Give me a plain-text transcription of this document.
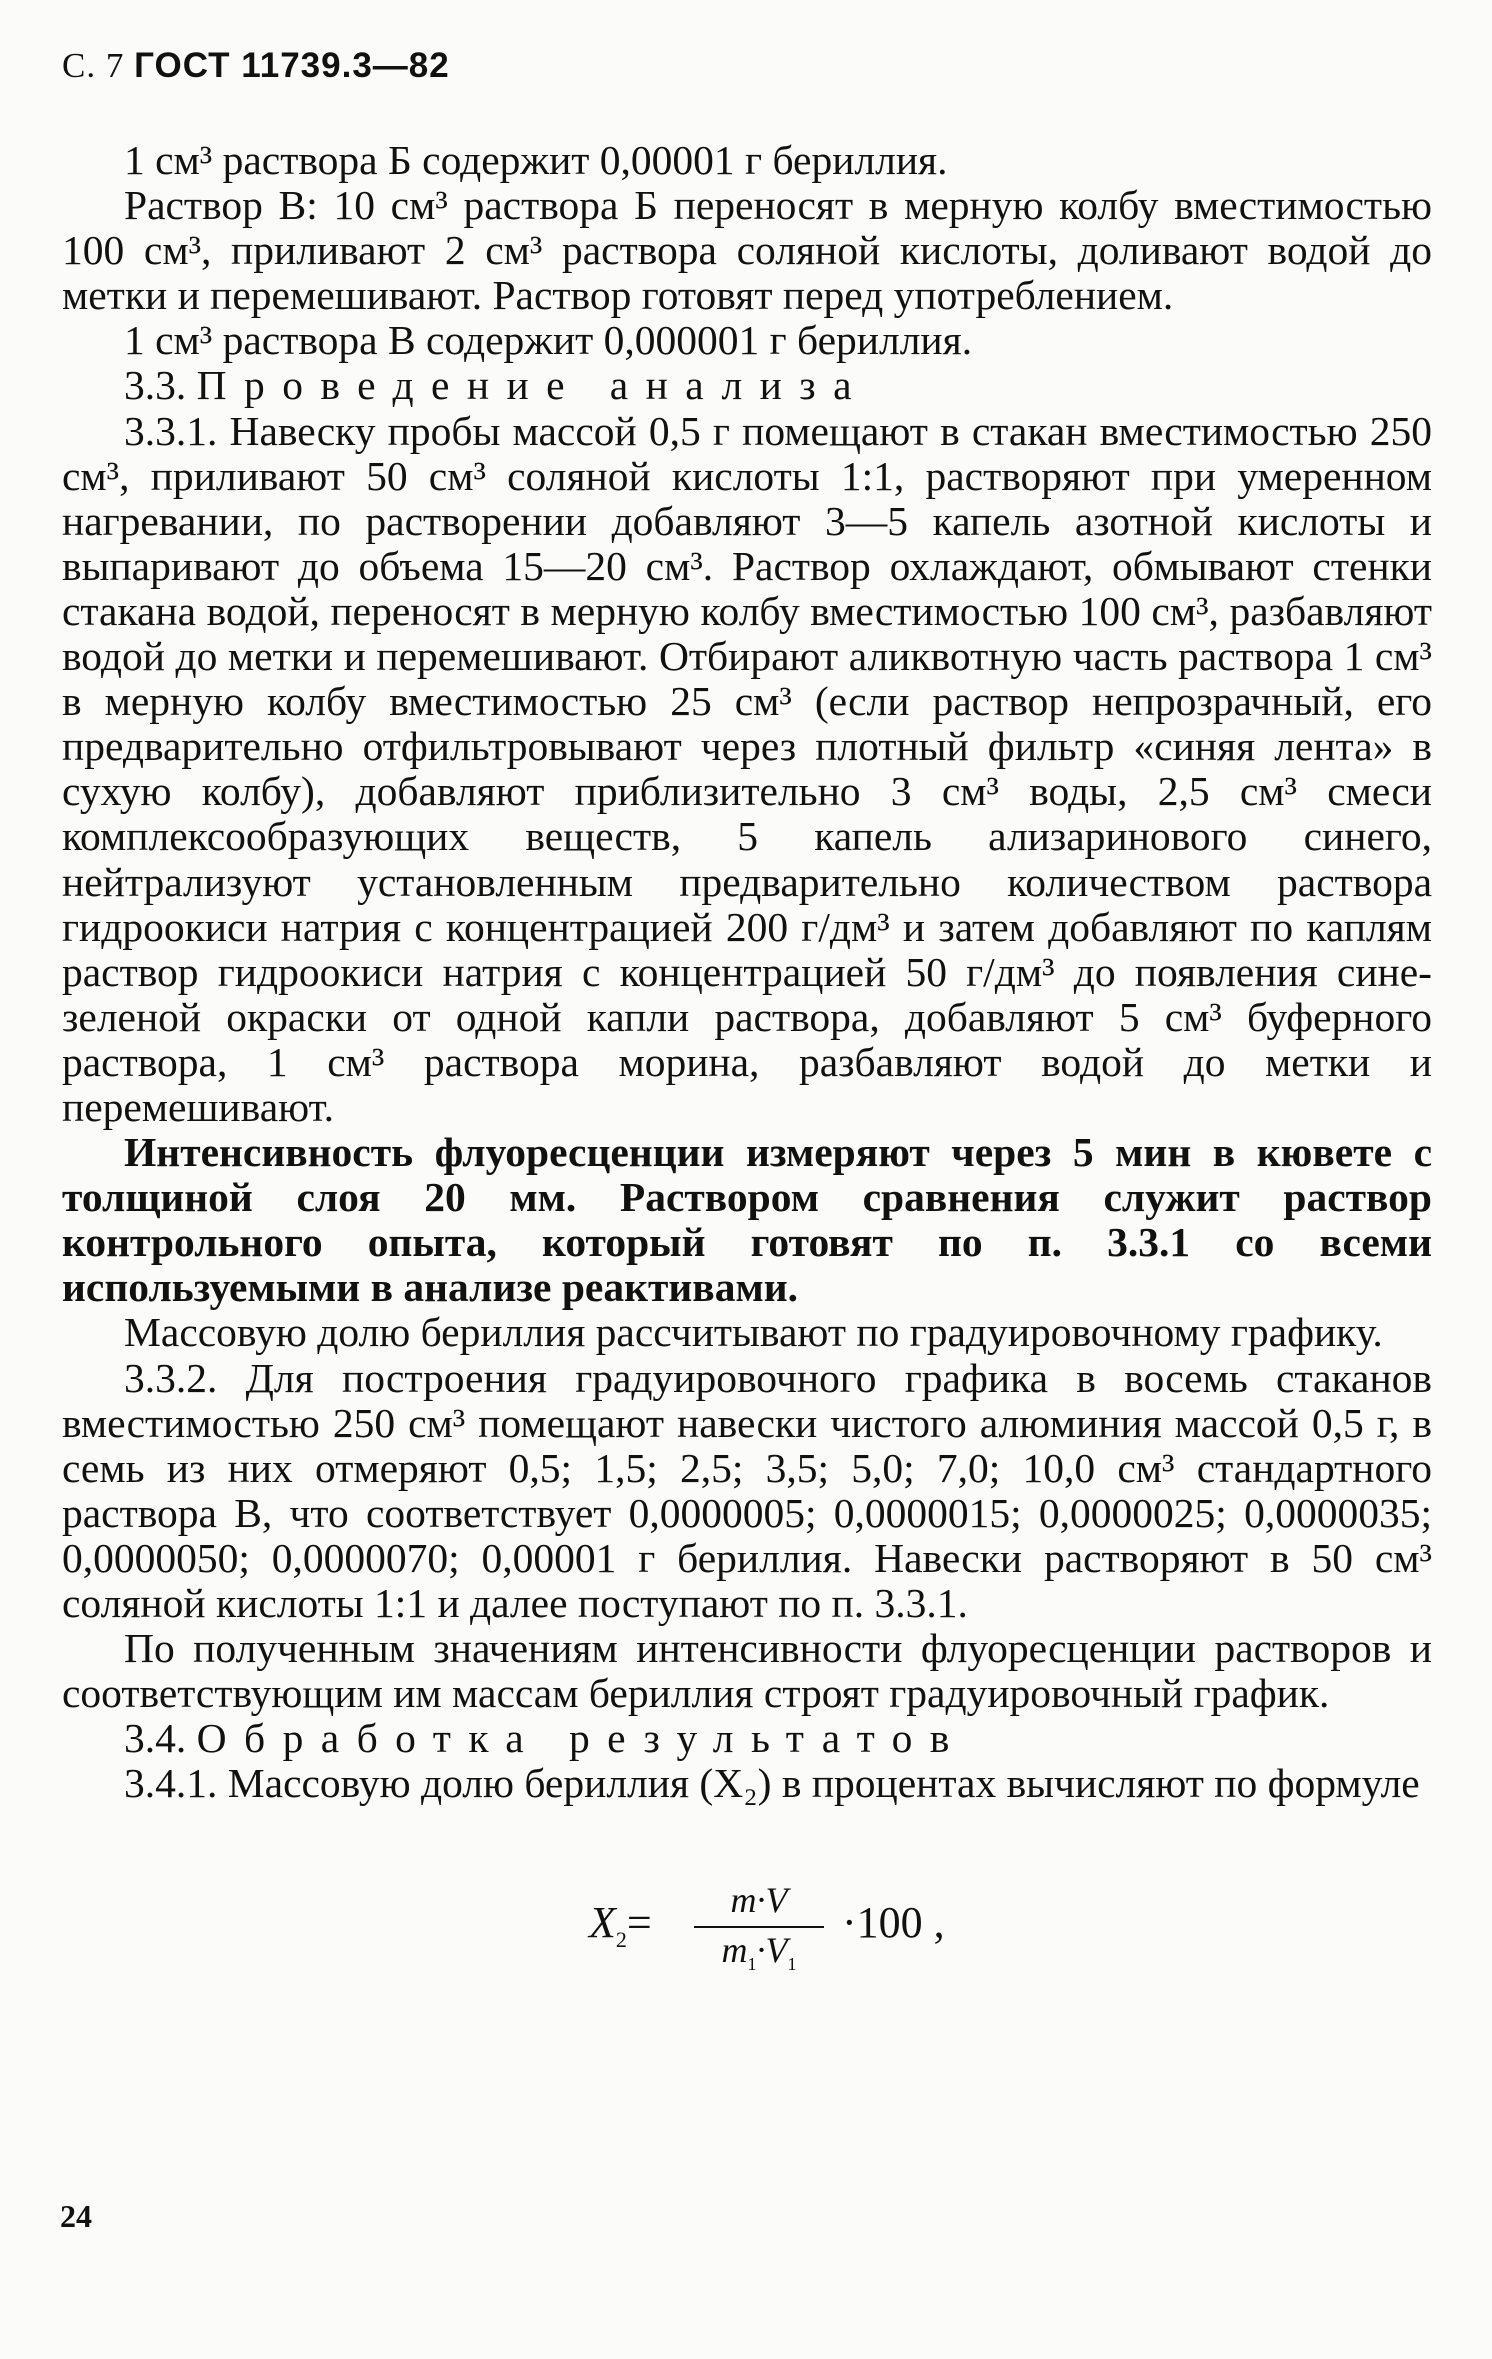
С. 7 ГОСТ 11739.3—82

1 см³ раствора Б содержит 0,00001 г бериллия.

Раствор В: 10 см³ раствора Б переносят в мерную колбу вместимостью 100 см³, приливают 2 см³ раствора соляной кислоты, доливают водой до метки и перемешивают. Раствор готовят перед употреблением.

1 см³ раствора В содержит 0,000001 г бериллия.

3.3. Проведение анализа

3.3.1. Навеску пробы массой 0,5 г помещают в стакан вместимостью 250 см³, приливают 50 см³ соляной кислоты 1:1, растворяют при умеренном нагревании, по растворении добавляют 3—5 капель азотной кислоты и выпаривают до объема 15—20 см³. Раствор охлаждают, обмывают стенки стакана водой, переносят в мерную колбу вместимостью 100 см³, разбавляют водой до метки и перемешивают. Отбирают аликвотную часть раствора 1 см³ в мерную колбу вместимостью 25 см³ (если раствор непрозрачный, его предварительно отфильтровывают через плотный фильтр «синяя лента» в сухую колбу), добавляют приблизительно 3 см³ воды, 2,5 см³ смеси комплексообразующих веществ, 5 капель ализаринового синего, нейтрализуют установленным предварительно количеством раствора гидроокиси натрия с концентрацией 200 г/дм³ и затем добавляют по каплям раствор гидроокиси натрия с концентрацией 50 г/дм³ до появления сине-зеленой окраски от одной капли раствора, добавляют 5 см³ буферного раствора, 1 см³ раствора морина, разбавляют водой до метки и перемешивают.

Интенсивность флуоресценции измеряют через 5 мин в кювете с толщиной слоя 20 мм. Раствором сравнения служит раствор контрольного опыта, который готовят по п. 3.3.1 со всеми используемыми в анализе реактивами.

Массовую долю бериллия рассчитывают по градуировочному графику.

3.3.2. Для построения градуировочного графика в восемь стаканов вместимостью 250 см³ помещают навески чистого алюминия массой 0,5 г, в семь из них отмеряют 0,5; 1,5; 2,5; 3,5; 5,0; 7,0; 10,0 см³ стандартного раствора В, что соответствует 0,0000005; 0,0000015; 0,0000025; 0,0000035; 0,0000050; 0,0000070; 0,00001 г бериллия. Навески растворяют в 50 см³ соляной кислоты 1:1 и далее поступают по п. 3.3.1.

По полученным значениям интенсивности флуоресценции растворов и соответствующим им массам бериллия строят градуировочный график.

3.4. Обработка результатов

3.4.1. Массовую долю бериллия (X₂) в процентах вычисляют по формуле

$X_2= \frac{m\cdot V}{m_1\cdot V_1} \cdot 100$ ,
24
